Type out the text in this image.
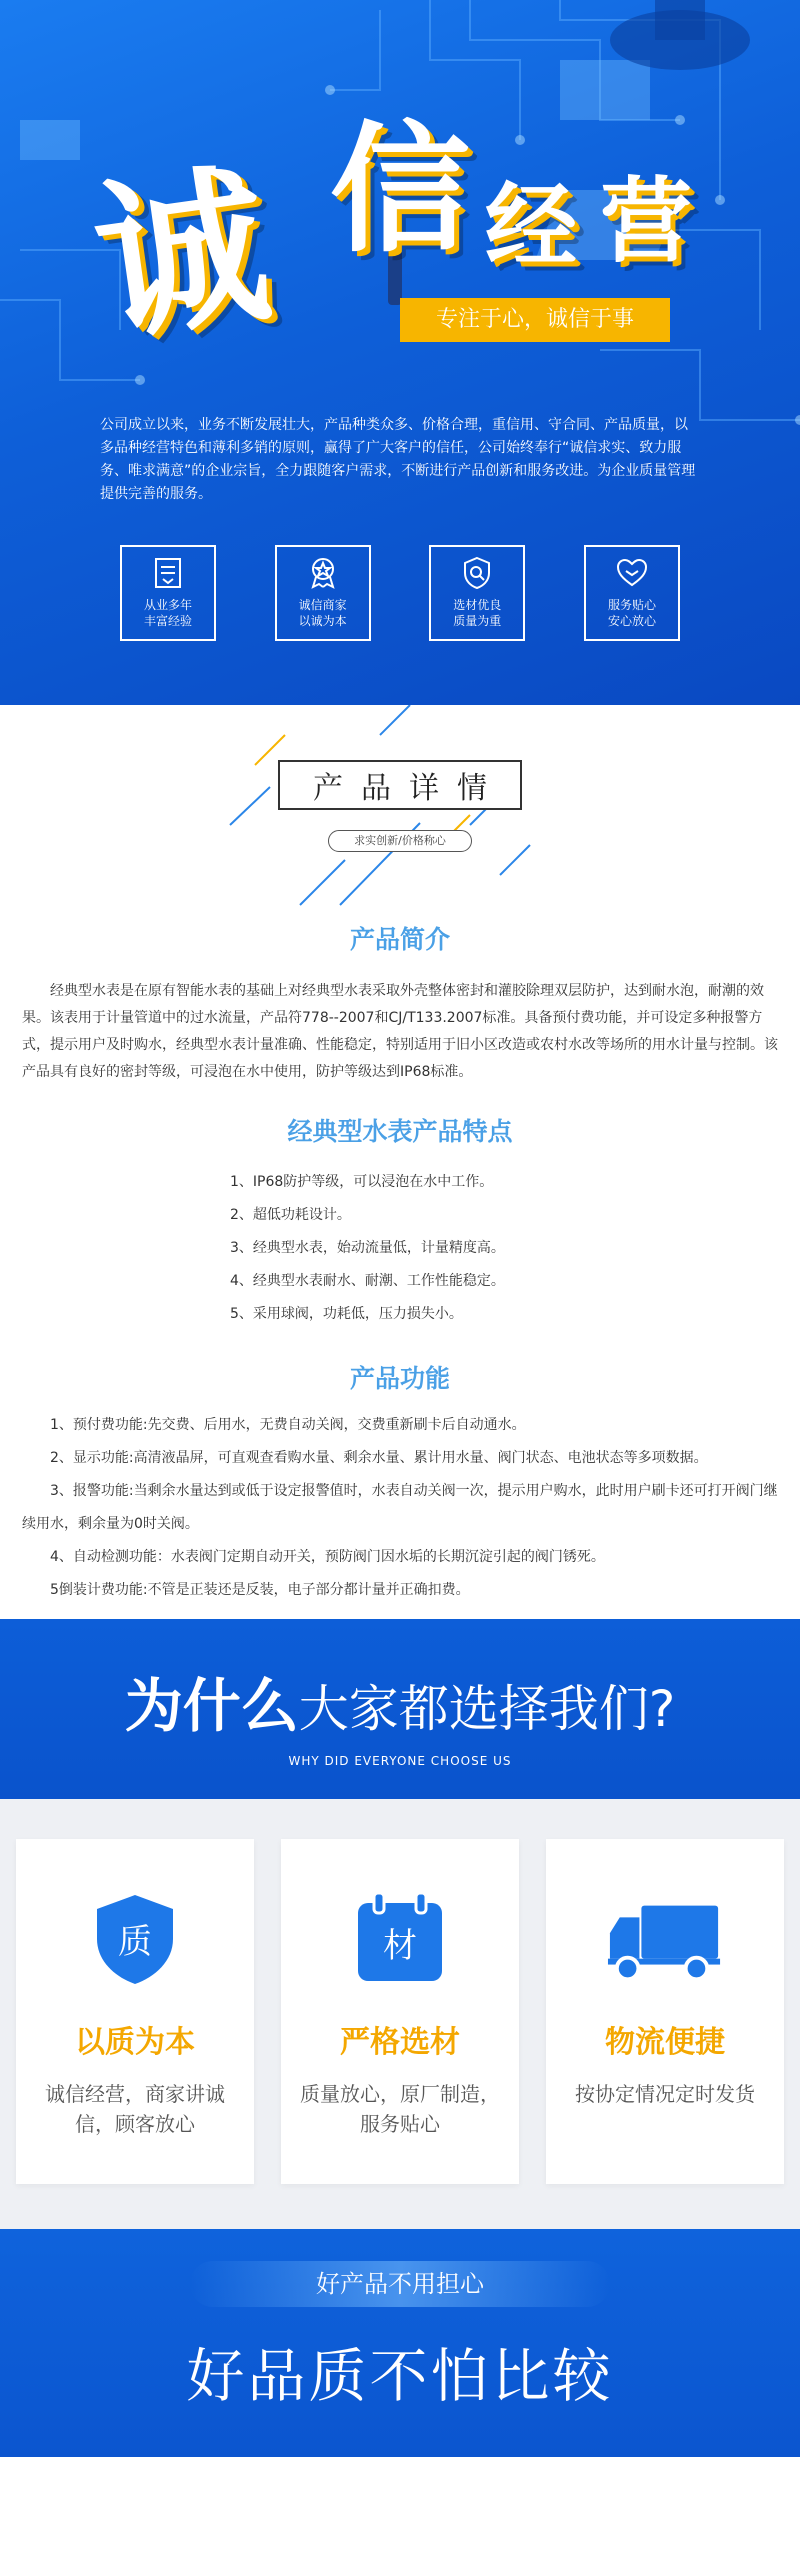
诚 信 经 营
专注于心，诚信于事

公司成立以来，业务不断发展壮大，产品种类众多、价格合理，重信用、守合同、产品质量，以多品种经营特色和薄利多销的原则，赢得了广大客户的信任，公司始终奉行“诚信求实、致力服务、唯求满意”的企业宗旨，全力跟随客户需求，不断进行产品创新和服务改进。为企业质量管理提供完善的服务。

从业多年
丰富经验
诚信商家
以诚为本
选材优良
质量为重
服务贴心
安心放心
产品详情
求实创新/价格称心
产品简介

经典型水表是在原有智能水表的基础上对经典型水表采取外壳整体密封和灌胶除理双层防护，达到耐水泡，耐潮的效果。该表用于计量管道中的过水流量，产品符778--2007和CJ/T133.2007标准。具备预付费功能，并可设定多种报警方式，提示用户及时购水，经典型水表计量准确、性能稳定，特别适用于旧小区改造或农村水改等场所的用水计量与控制。该产品具有良好的密封等级，可浸泡在水中使用，防护等级达到IP68标准。

经典型水表产品特点
1、IP68防护等级，可以浸泡在水中工作。
2、超低功耗设计。
3、经典型水表，始动流量低，计量精度高。
4、经典型水表耐水、耐潮、工作性能稳定。
5、采用球阀，功耗低，压力损失小。
产品功能
1、预付费功能:先交费、后用水，无费自动关阀，交费重新刷卡后自动通水。
2、显示功能:高清液晶屏，可直观查看购水量、剩余水量、累计用水量、阀门状态、电池状态等多项数据。
3、报警功能:当剩余水量达到或低于设定报警值时，水表自动关阀一次，提示用户购水，此时用户刷卡还可打开阀门继续用水，剩余量为0时关阀。
4、自动检测功能：水表阀门定期自动开关，预防阀门因水垢的长期沉淀引起的阀门锈死。
5倒装计费功能:不管是正装还是反装，电子部分都计量并正确扣费。
为什么大家都选择我们?
WHY DID EVERYONE CHOOSE US
质
以质为本
诚信经营，商家讲诚信，顾客放心
材
严格选材
质量放心，原厂制造，服务贴心
物流便捷
按协定情况定时发货
好产品不用担心
好品质不怕比较
